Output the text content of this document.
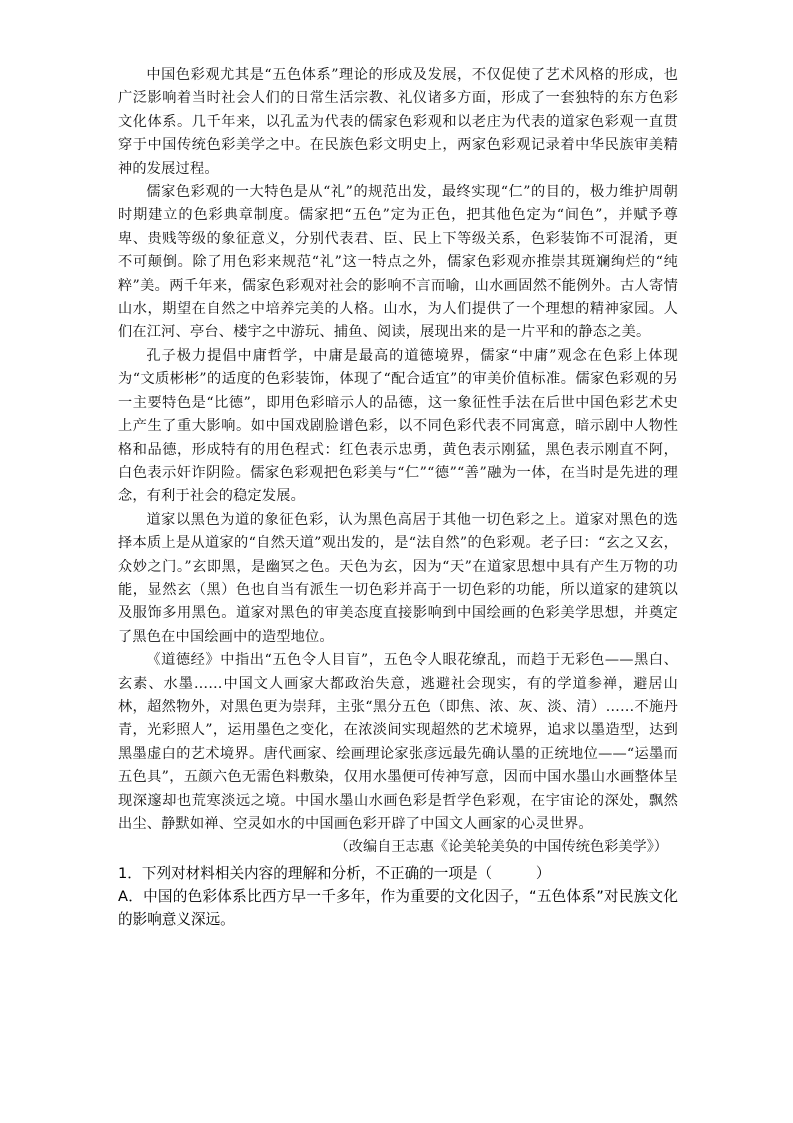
中国色彩观尤其是“五色体系”理论的形成及发展，不仅促使了艺术风格的形成，也广泛影响着当时社会人们的日常生活宗教、礼仪诸多方面，形成了一套独特的东方色彩文化体系。几千年来，以孔孟为代表的儒家色彩观和以老庄为代表的道家色彩观一直贯穿于中国传统色彩美学之中。在民族色彩文明史上，两家色彩观记录着中华民族审美精神的发展过程。

儒家色彩观的一大特色是从“礼”的规范出发，最终实现“仁”的目的，极力维护周朝时期建立的色彩典章制度。儒家把“五色”定为正色，把其他色定为“间色”，并赋予尊卑、贵贱等级的象征意义，分别代表君、臣、民上下等级关系，色彩装饰不可混淆，更不可颠倒。除了用色彩来规范“礼”这一特点之外，儒家色彩观亦推崇其斑斓绚烂的“纯粹”美。两千年来，儒家色彩观对社会的影响不言而喻，山水画固然不能例外。古人寄情山水，期望在自然之中培养完美的人格。山水，为人们提供了一个理想的精神家园。人们在江河、亭台、楼宇之中游玩、捕鱼、阅读，展现出来的是一片平和的静态之美。

孔子极力提倡中庸哲学，中庸是最高的道德境界，儒家“中庸”观念在色彩上体现为“文质彬彬”的适度的色彩装饰，体现了“配合适宜”的审美价值标准。儒家色彩观的另一主要特色是“比德”，即用色彩暗示人的品德，这一象征性手法在后世中国色彩艺术史上产生了重大影响。如中国戏剧脸谱色彩，以不同色彩代表不同寓意，暗示剧中人物性格和品德，形成特有的用色程式：红色表示忠勇，黄色表示刚猛，黑色表示刚直不阿，白色表示奸诈阴险。儒家色彩观把色彩美与“仁”“德”“善”融为一体，在当时是先进的理念，有利于社会的稳定发展。

道家以黑色为道的象征色彩，认为黑色高居于其他一切色彩之上。道家对黑色的选择本质上是从道家的“自然天道”观出发的，是“法自然”的色彩观。老子曰：“玄之又玄，众妙之门。”玄即黑，是幽冥之色。天色为玄，因为“天”在道家思想中具有产生万物的功能，显然玄（黑）色也自当有派生一切色彩并高于一切色彩的功能，所以道家的建筑以及服饰多用黑色。道家对黑色的审美态度直接影响到中国绘画的色彩美学思想，并奠定了黑色在中国绘画中的造型地位。

《道德经》中指出“五色令人目盲”，五色令人眼花缭乱，而趋于无彩色——黑白、玄素、水墨……中国文人画家大都政治失意，逃避社会现实，有的学道参禅，避居山林，超然物外，对黑色更为崇拜，主张“黑分五色（即焦、浓、灰、淡、清）……不施丹青，光彩照人”，运用墨色之变化，在浓淡间实现超然的艺术境界，追求以墨造型，达到黑墨虚白的艺术境界。唐代画家、绘画理论家张彦远最先确认墨的正统地位——“运墨而五色具”，五颜六色无需色料敷染，仅用水墨便可传神写意，因而中国水墨山水画整体呈现深邃却也荒寒淡远之境。中国水墨山水画色彩是哲学色彩观，在宇宙论的深处，飘然出尘、静默如禅、空灵如水的中国画色彩开辟了中国文人画家的心灵世界。

（改编自王志惠《论美轮美奂的中国传统色彩美学》）

1．下列对材料相关内容的理解和分析，不正确的一项是（　　　）

A．中国的色彩体系比西方早一千多年，作为重要的文化因子，“五色体系”对民族文化的影响意义深远。
